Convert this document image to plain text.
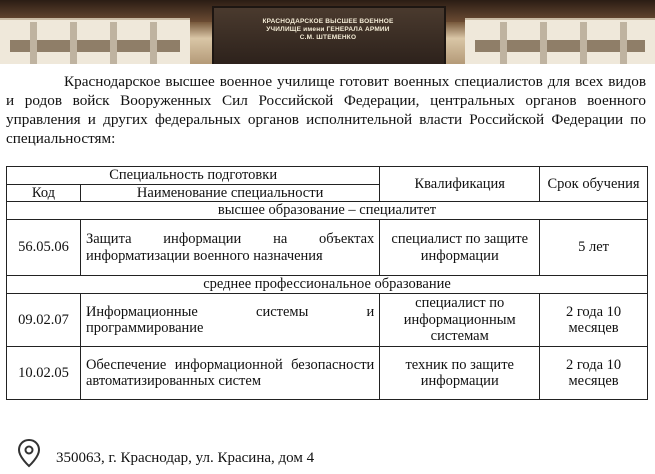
КРАСНОДАРСКОЕ ВЫСШЕЕ ВОЕННОЕ
УЧИЛИЩЕ имени ГЕНЕРАЛА АРМИИ
С.М. ШТЕМЕНКО

Краснодарское высшее военное училище готовит военных специалистов для всех видов и родов войск Вооруженных Сил Российской Федерации, центральных органов военного управления и других федеральных органов исполнительной власти Российской Федерации по специальностям:

Специальность подготовки		Квалификация	Срок обучения
Код	Наименование специальности		
высшее образование – специалитет			
56.05.06	Защита информации на объектах информатизации военного назначения	специалист по защите информации	5 лет
среднее профессиональное образование			
09.02.07	Информационные системы и программирование	специалист по информационным системам	2 года 10 месяцев
10.02.05	Обеспечение информационной безопасности автоматизированных систем	техник по защите информации	2 года 10 месяцев
350063, г. Краснодар, ул. Красина, дом 4
